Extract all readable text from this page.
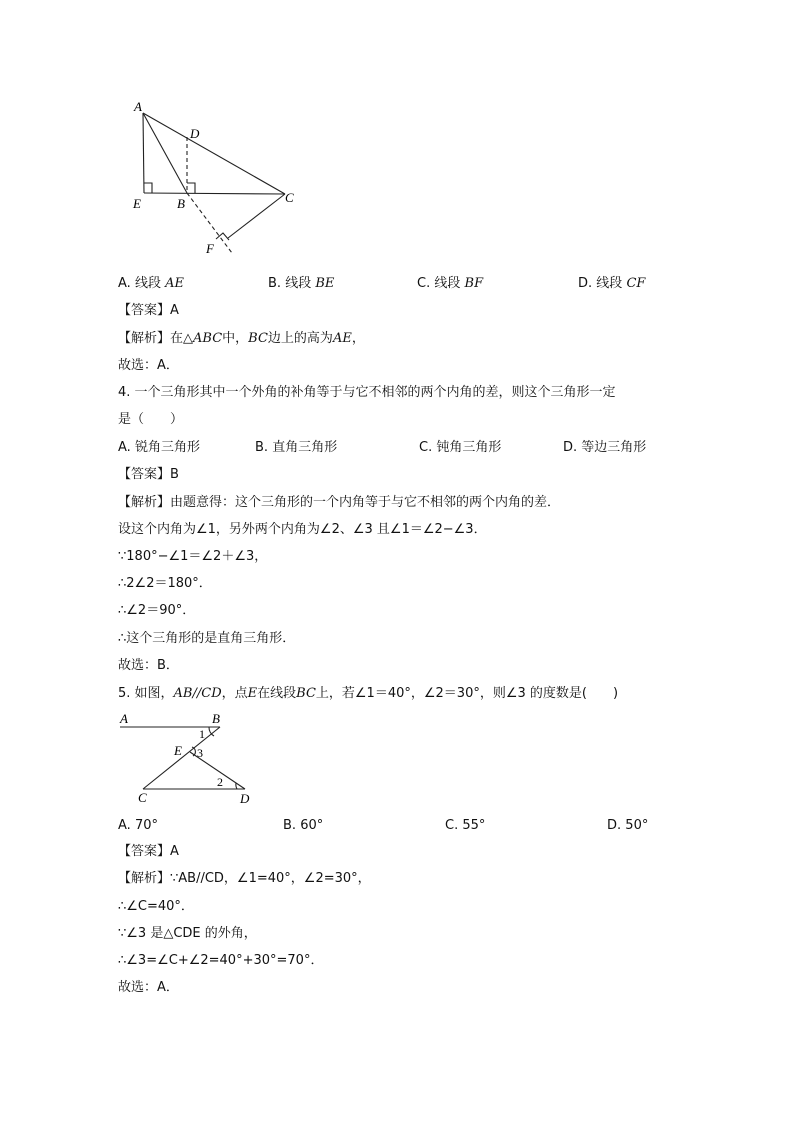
A
D
E	B	C
F
A. 线段 AE	B. 线段 BE	C. 线段 BF	D. 线段 CF
【答案】A
【解析】在△ABC中，BC边上的高为AE，
故选：A．
4. 一个三角形其中一个外角的补角等于与它不相邻的两个内角的差，则这个三角形一定
是（　　）
A. 锐角三角形	B. 直角三角形	C. 钝角三角形	D. 等边三角形
【答案】B
【解析】由题意得：这个三角形的一个内角等于与它不相邻的两个内角的差．
设这个内角为∠1，另外两个内角为∠2、∠3 且∠1＝∠2−∠3．
∵180°−∠1＝∠2＋∠3，
∴2∠2＝180°．
∴∠2＝90°．
∴这个三角形的是直角三角形．
故选：B．
5. 如图，AB//CD，点E在线段BC上，若∠1＝40°，∠2＝30°，则∠3 的度数是(　　)
A	B
E
C	D
1
3
2
A. 70°	B. 60°	C. 55°	D. 50°
【答案】A
【解析】∵AB//CD，∠1=40°，∠2=30°，
∴∠C=40°．
∵∠3 是△CDE 的外角，
∴∠3=∠C+∠2=40°+30°=70°．
故选：A．
